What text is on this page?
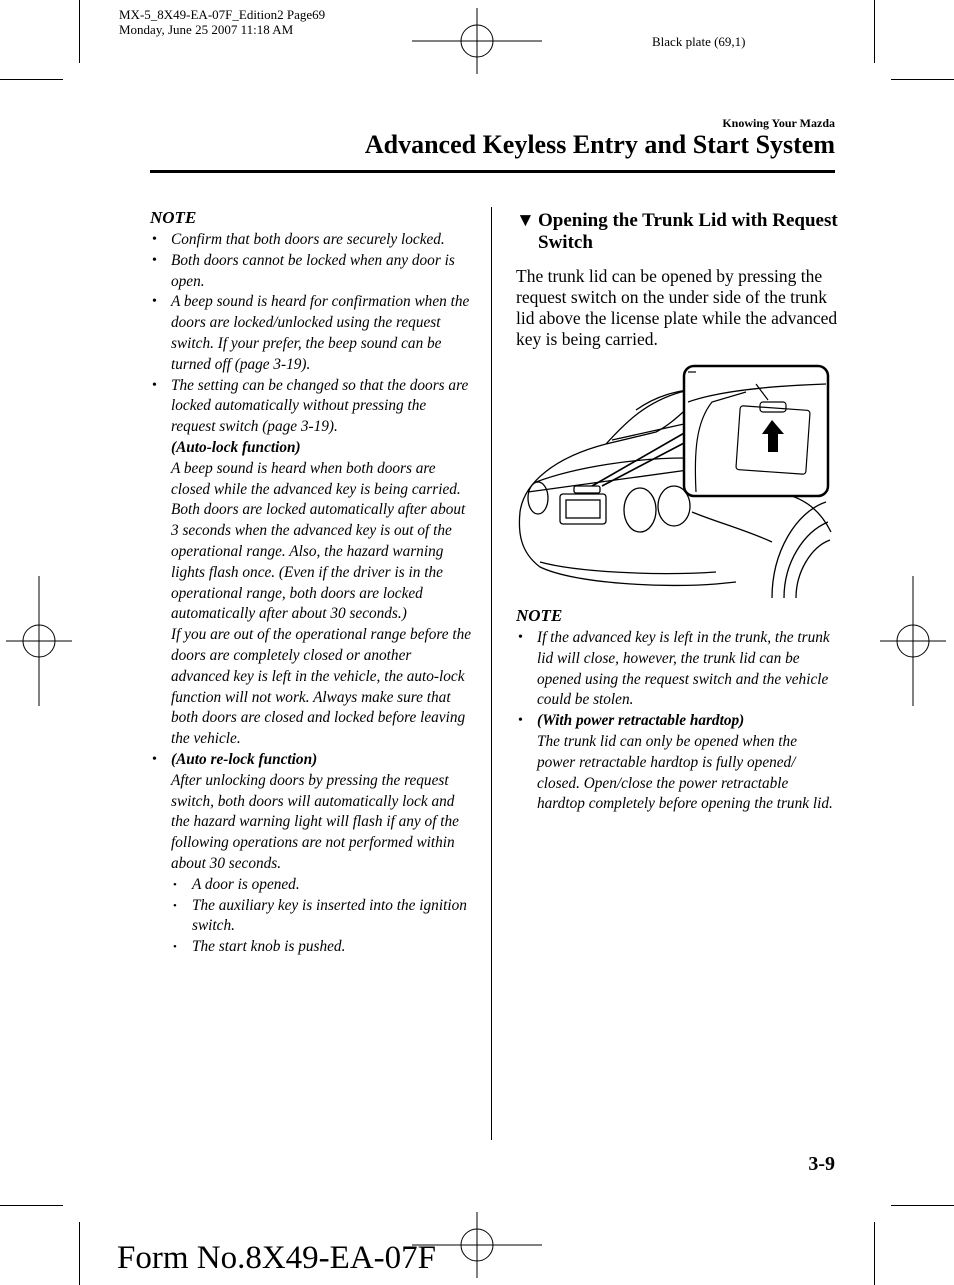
MX-5_8X49-EA-07F_Edition2 Page69
Monday, June 25 2007 11:18 AM
Black plate (69,1)
Knowing Your Mazda
Advanced Keyless Entry and Start System
NOTE
• Confirm that both doors are securely locked.
• Both doors cannot be locked when any door is open.
• A beep sound is heard for confirmation when the doors are locked/unlocked using the request switch. If your prefer, the beep sound can be turned off (page 3-19).
• The setting can be changed so that the doors are locked automatically without pressing the request switch (page 3-19).
(Auto-lock function)
A beep sound is heard when both doors are closed while the advanced key is being carried. Both doors are locked automatically after about 3 seconds when the advanced key is out of the operational range. Also, the hazard warning lights flash once. (Even if the driver is in the operational range, both doors are locked automatically after about 30 seconds.)
If you are out of the operational range before the doors are completely closed or another advanced key is left in the vehicle, the auto-lock function will not work. Always make sure that both doors are closed and locked before leaving the vehicle.
• (Auto re-lock function)
After unlocking doors by pressing the request switch, both doors will automatically lock and the hazard warning light will flash if any of the following operations are not performed within about 30 seconds.
• A door is opened.
• The auxiliary key is inserted into the ignition switch.
• The start knob is pushed.
▼ Opening the Trunk Lid with Request Switch
The trunk lid can be opened by pressing the request switch on the under side of the trunk lid above the license plate while the advanced key is being carried.
NOTE
• If the advanced key is left in the trunk, the trunk lid will close, however, the trunk lid can be opened using the request switch and the vehicle could be stolen.
• (With power retractable hardtop)
The trunk lid can only be opened when the power retractable hardtop is fully opened/ closed. Open/close the power retractable hardtop completely before opening the trunk lid.
3-9
Form No.8X49-EA-07F
